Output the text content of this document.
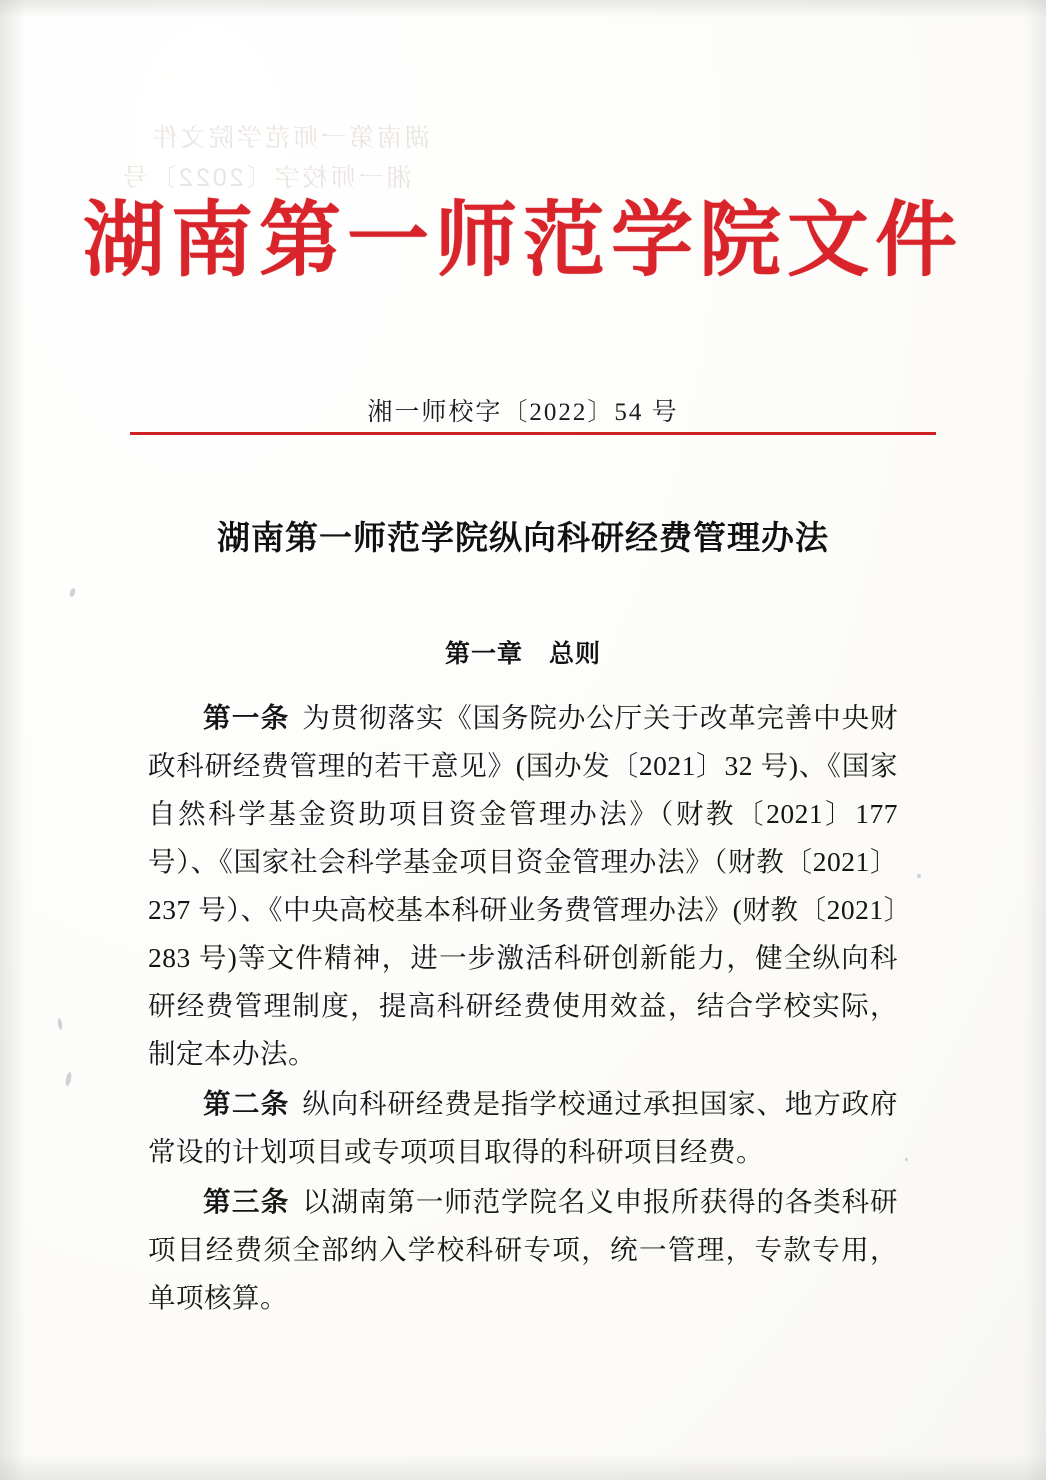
湖南第一师范学院文件
湘一师校字〔2022〕号
湖南第一师范学院文件
湘一师校字〔2022〕54 号
湖南第一师范学院纵向科研经费管理办法
第一章　总则

第一条 为贯彻落实《国务院办公厅关于改革完善中央财政科研经费管理的若干意见》(国办发〔2021〕32 号)、《国家自然科学基金资助项目资金管理办法》（财教〔2021〕177 号）、《国家社会科学基金项目资金管理办法》（财教〔2021〕237 号）、《中央高校基本科研业务费管理办法》(财教〔2021〕283 号)等文件精神，进一步激活科研创新能力，健全纵向科研经费管理制度，提高科研经费使用效益，结合学校实际，制定本办法。

第二条 纵向科研经费是指学校通过承担国家、地方政府常设的计划项目或专项项目取得的科研项目经费。

第三条 以湖南第一师范学院名义申报所获得的各类科研项目经费须全部纳入学校科研专项，统一管理，专款专用，单项核算。
